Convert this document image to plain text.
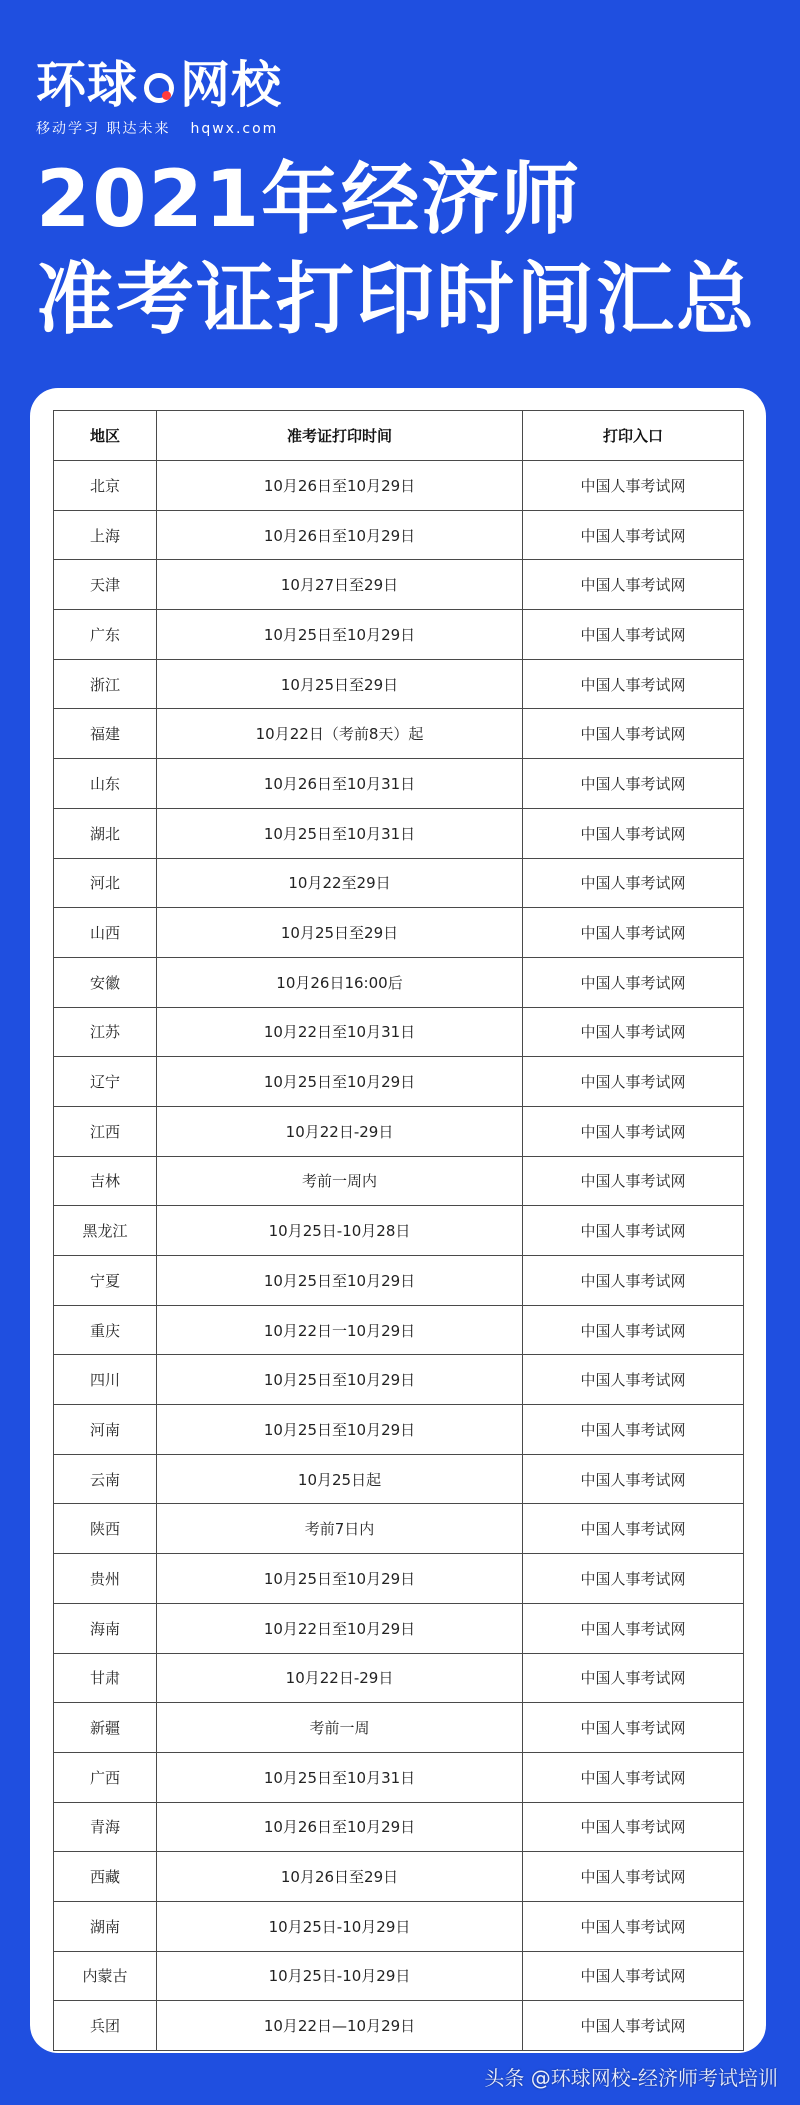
环球 网校
移动学习 职达未来 hqwx.com
2021年经济师
准考证打印时间汇总
地区	准考证打印时间	打印入口
北京	10月26日至10月29日	中国人事考试网
上海	10月26日至10月29日	中国人事考试网
天津	10月27日至29日	中国人事考试网
广东	10月25日至10月29日	中国人事考试网
浙江	10月25日至29日	中国人事考试网
福建	10月22日（考前8天）起	中国人事考试网
山东	10月26日至10月31日	中国人事考试网
湖北	10月25日至10月31日	中国人事考试网
河北	10月22至29日	中国人事考试网
山西	10月25日至29日	中国人事考试网
安徽	10月26日16:00后	中国人事考试网
江苏	10月22日至10月31日	中国人事考试网
辽宁	10月25日至10月29日	中国人事考试网
江西	10月22日-29日	中国人事考试网
吉林	考前一周内	中国人事考试网
黑龙江	10月25日-10月28日	中国人事考试网
宁夏	10月25日至10月29日	中国人事考试网
重庆	10月22日一10月29日	中国人事考试网
四川	10月25日至10月29日	中国人事考试网
河南	10月25日至10月29日	中国人事考试网
云南	10月25日起	中国人事考试网
陕西	考前7日内	中国人事考试网
贵州	10月25日至10月29日	中国人事考试网
海南	10月22日至10月29日	中国人事考试网
甘肃	10月22日-29日	中国人事考试网
新疆	考前一周	中国人事考试网
广西	10月25日至10月31日	中国人事考试网
青海	10月26日至10月29日	中国人事考试网
西藏	10月26日至29日	中国人事考试网
湖南	10月25日-10月29日	中国人事考试网
内蒙古	10月25日-10月29日	中国人事考试网
兵团	10月22日—10月29日	中国人事考试网
头条 @环球网校-经济师考试培训
